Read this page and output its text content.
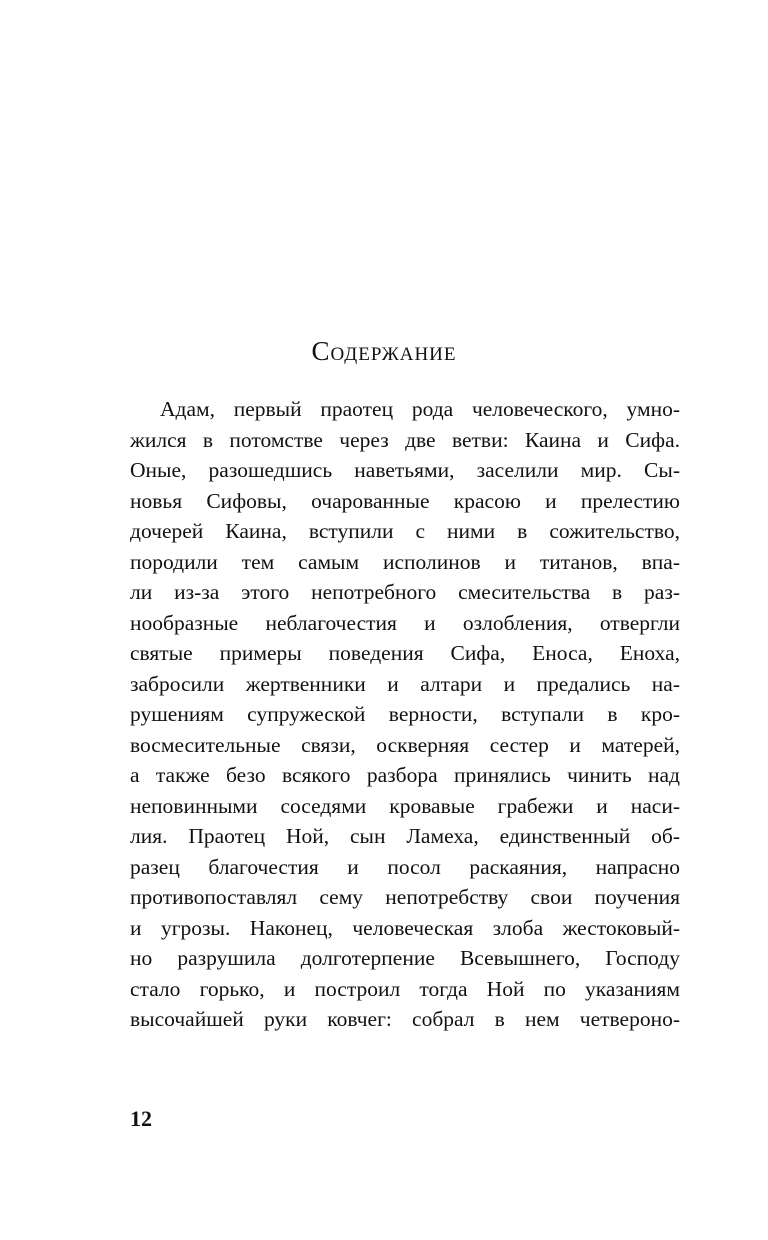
Содержание
Адам, первый праотец рода человеческого, умно-
жился в потомстве через две ветви: Каина и Сифа.
Оные, разошедшись наветьями, заселили мир. Сы-
новья Сифовы, очарованные красою и прелестию
дочерей Каина, вступили с ними в сожительство,
породили тем самым исполинов и титанов, впа-
ли из-за этого непотребного смесительства в раз-
нообразные неблагочестия и озлобления, отвергли
святые примеры поведения Сифа, Еноса, Еноха,
забросили жертвенники и алтари и предались на-
рушениям супружеской верности, вступали в кро-
восмесительные связи, оскверняя сестер и матерей,
а также безо всякого разбора принялись чинить над
неповинными соседями кровавые грабежи и наси-
лия. Праотец Ной, сын Ламеха, единственный об-
разец благочестия и посол раскаяния, напрасно
противопоставлял сему непотребству свои поучения
и угрозы. Наконец, человеческая злоба жестоковый-
но разрушила долготерпение Всевышнего, Господу
стало горько, и построил тогда Ной по указаниям
высочайшей руки ковчег: собрал в нем четвероно-
12
